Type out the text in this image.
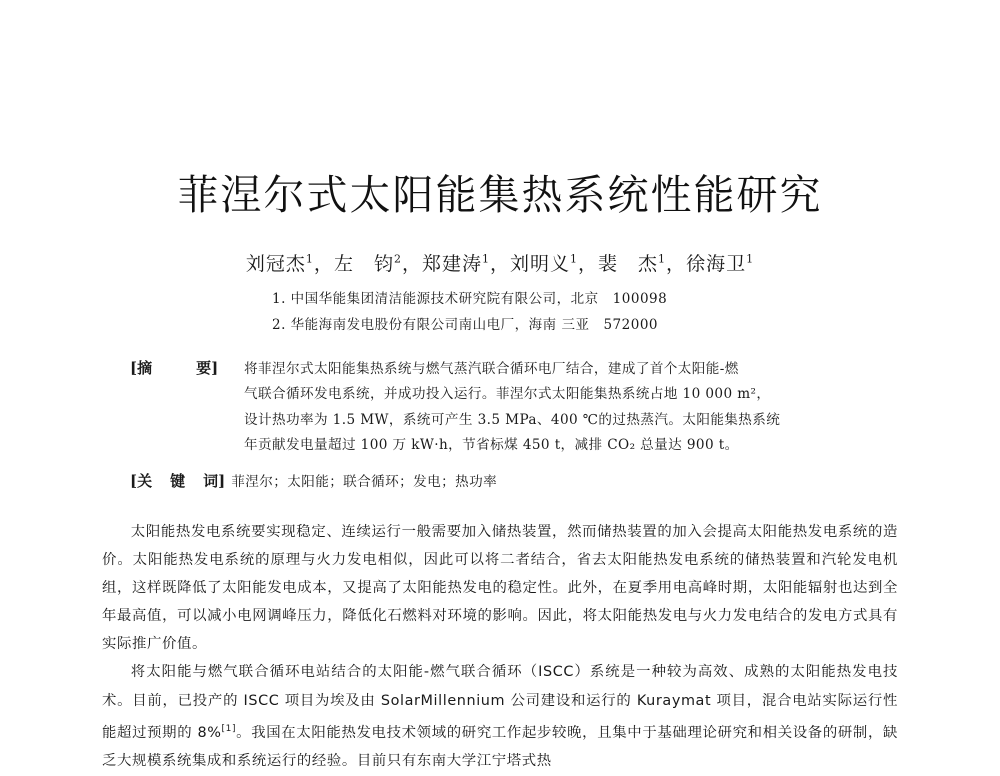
菲涅尔式太阳能集热系统性能研究
刘冠杰$^1$，左　钧$^2$，郑建涛$^1$，刘明义$^1$，裴　杰$^1$，徐海卫$^1$
1. 中国华能集团清洁能源技术研究院有限公司，北京 100098
2. 华能海南发电股份有限公司南山电厂，海南 三亚 572000
[摘	要] 将菲涅尔式太阳能集热系统与燃气蒸汽联合循环电厂结合，建成了首个太阳能-燃
气联合循环发电系统，并成功投入运行。菲涅尔式太阳能集热系统占地 10 000 m²，
设计热功率为 1.5 MW，系统可产生 3.5 MPa、400 ℃的过热蒸汽。太阳能集热系统
年贡献发电量超过 100 万 kW·h，节省标煤 450 t，减排 CO₂ 总量达 900 t。
[关 键 词] 菲涅尔；太阳能；联合循环；发电；热功率

太阳能热发电系统要实现稳定、连续运行一般需要加入储热装置，然而储热装置的加入会提高太阳能热发电系统的造价。太阳能热发电系统的原理与火力发电相似，因此可以将二者结合，省去太阳能热发电系统的储热装置和汽轮发电机组，这样既降低了太阳能发电成本，又提高了太阳能热发电的稳定性。此外，在夏季用电高峰时期，太阳能辐射也达到全年最高值，可以减小电网调峰压力，降低化石燃料对环境的影响。因此，将太阳能热发电与火力发电结合的发电方式具有实际推广价值。

将太阳能与燃气联合循环电站结合的太阳能-燃气联合循环（ISCC）系统是一种较为高效、成熟的太阳能热发电技术。目前，已投产的 ISCC 项目为埃及由 SolarMillennium 公司建设和运行的 Kuraymat 项目，混合电站实际运行性能超过预期的 8%[1]。我国在太阳能热发电技术领域的研究工作起步较晚，且集中于基础理论研究和相关设备的研制，缺乏大规模系统集成和系统运行的经验。目前只有东南大学江宁塔式热
